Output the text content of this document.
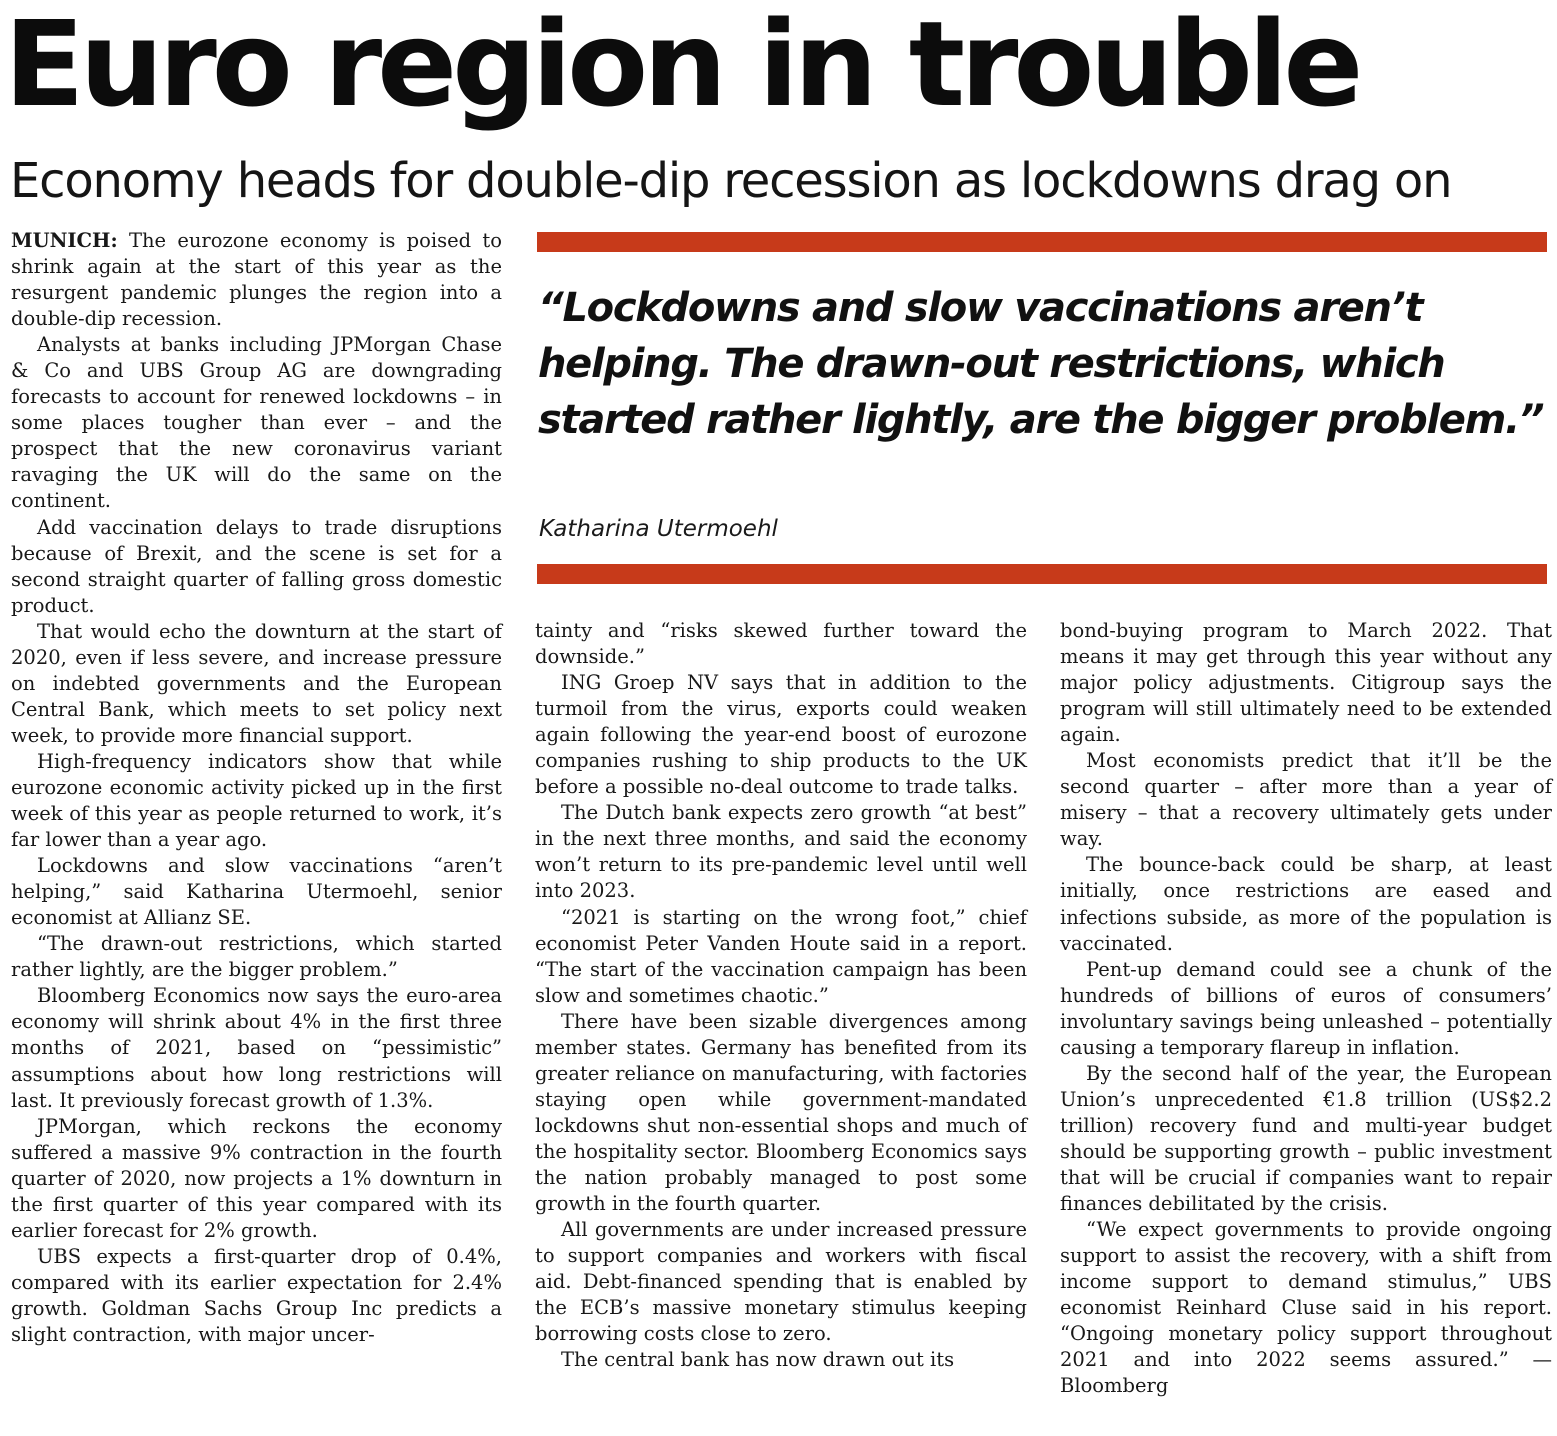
Euro region in trouble
Economy heads for double-dip recession as lockdowns drag on
“Lockdowns and slow vaccinations aren’t helping. The drawn-out restrictions, which started rather lightly, are the bigger problem.”
Katharina Utermoehl

MUNICH: The eurozone economy is poised to shrink again at the start of this year as the resurgent pandemic plunges the region into a double-dip recession.

Analysts at banks including JPMorgan Chase & Co and UBS Group AG are downgrading forecasts to account for renewed lockdowns – in some places tougher than ever – and the prospect that the new coronavirus variant ravaging the UK will do the same on the continent.

Add vaccination delays to trade disruptions because of Brexit, and the scene is set for a second straight quarter of falling gross domestic product.

That would echo the downturn at the start of 2020, even if less severe, and increase pressure on indebted governments and the European Central Bank, which meets to set policy next week, to provide more financial support.

High-frequency indicators show that while eurozone economic activity picked up in the first week of this year as people returned to work, it’s far lower than a year ago.

Lockdowns and slow vaccinations “aren’t helping,” said Katharina Utermoehl, senior economist at Allianz SE.

“The drawn-out restrictions, which started rather lightly, are the bigger problem.”

Bloomberg Economics now says the euro-area economy will shrink about 4% in the first three months of 2021, based on “pessimistic” assumptions about how long restrictions will last. It previously forecast growth of 1.3%.

JPMorgan, which reckons the economy suffered a massive 9% contraction in the fourth quarter of 2020, now projects a 1% downturn in the first quarter of this year compared with its earlier forecast for 2% growth.

UBS expects a first-quarter drop of 0.4%, compared with its earlier expectation for 2.4% growth. Goldman Sachs Group Inc predicts a slight contraction, with major uncer-

tainty and “risks skewed further toward the downside.”

ING Groep NV says that in addition to the turmoil from the virus, exports could weaken again following the year-end boost of eurozone companies rushing to ship products to the UK before a possible no-deal outcome to trade talks.

The Dutch bank expects zero growth “at best” in the next three months, and said the economy won’t return to its pre-pandemic level until well into 2023.

“2021 is starting on the wrong foot,” chief economist Peter Vanden Houte said in a report. “The start of the vaccination campaign has been slow and sometimes chaotic.”

There have been sizable divergences among member states. Germany has benefited from its greater reliance on manufacturing, with factories staying open while government-mandated lockdowns shut non-essential shops and much of the hospitality sector. Bloomberg Economics says the nation probably managed to post some growth in the fourth quarter.

All governments are under increased pressure to support companies and workers with fiscal aid. Debt-financed spending that is enabled by the ECB’s massive monetary stimulus keeping borrowing costs close to zero.

The central bank has now drawn out its

bond-buying program to March 2022. That means it may get through this year without any major policy adjustments. Citigroup says the program will still ultimately need to be extended again.

Most economists predict that it’ll be the second quarter – after more than a year of misery – that a recovery ultimately gets under way.

The bounce-back could be sharp, at least initially, once restrictions are eased and infections subside, as more of the population is vaccinated.

Pent-up demand could see a chunk of the hundreds of billions of euros of consumers’ involuntary savings being unleashed – potentially causing a temporary flareup in inflation.

By the second half of the year, the European Union’s unprecedented €1.8 trillion (US$2.2 trillion) recovery fund and multi-year budget should be supporting growth – public investment that will be crucial if companies want to repair finances debilitated by the crisis.

“We expect governments to provide ongoing support to assist the recovery, with a shift from income support to demand stimulus,” UBS economist Reinhard Cluse said in his report. “Ongoing monetary policy support throughout 2021 and into 2022 seems assured.” — Bloomberg
